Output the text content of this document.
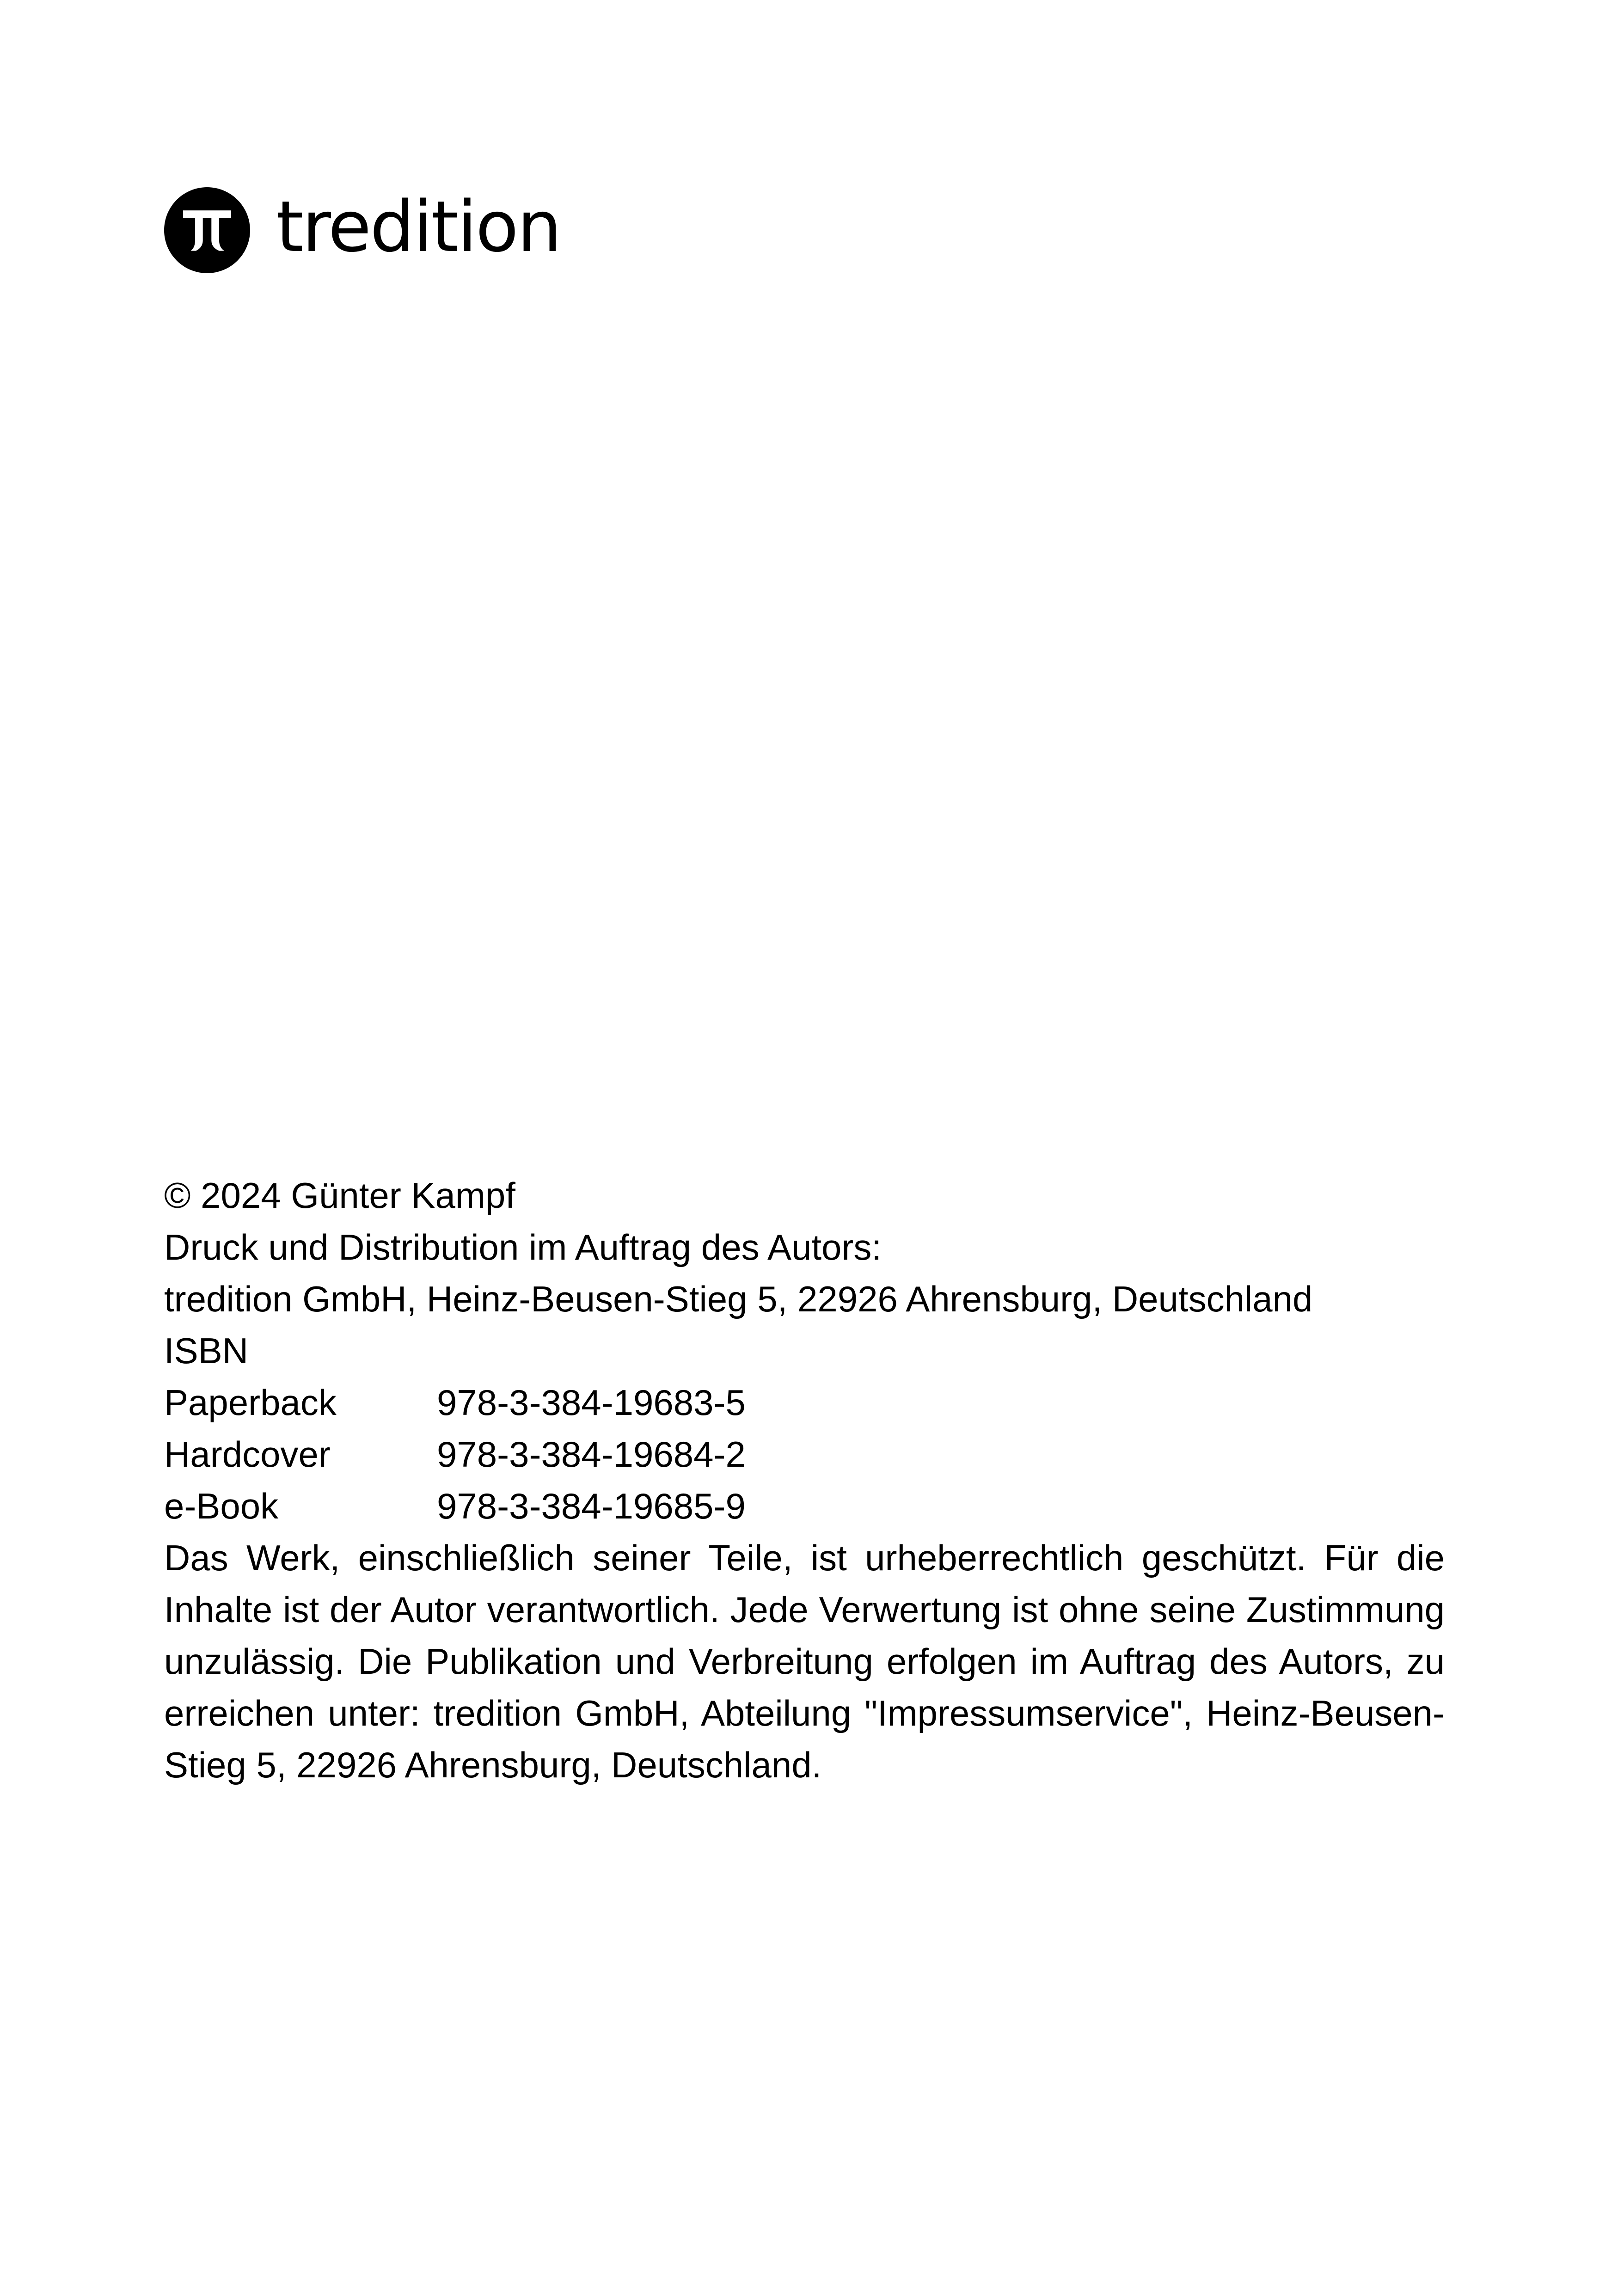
tredition

© 2024 Günter Kampf

Druck und Distribution im Auftrag des Autors:

tredition GmbH, Heinz-Beusen-Stieg 5, 22926 Ahrensburg, Deutschland

ISBN

Paperback	978-3-384-19683-5
Hardcover	978-3-384-19684-2
e-Book	978-3-384-19685-9

Das Werk, einschließlich seiner Teile, ist urheberrechtlich geschützt. Für die Inhalte ist der Autor verantwortlich. Jede Verwertung ist ohne seine Zustimmung unzulässig. Die Publikation und Verbreitung erfolgen im Auftrag des Autors, zu erreichen unter: tredition GmbH, Abteilung "Impressumservice", Heinz-Beusen-Stieg 5, 22926 Ahrensburg, Deutschland.
